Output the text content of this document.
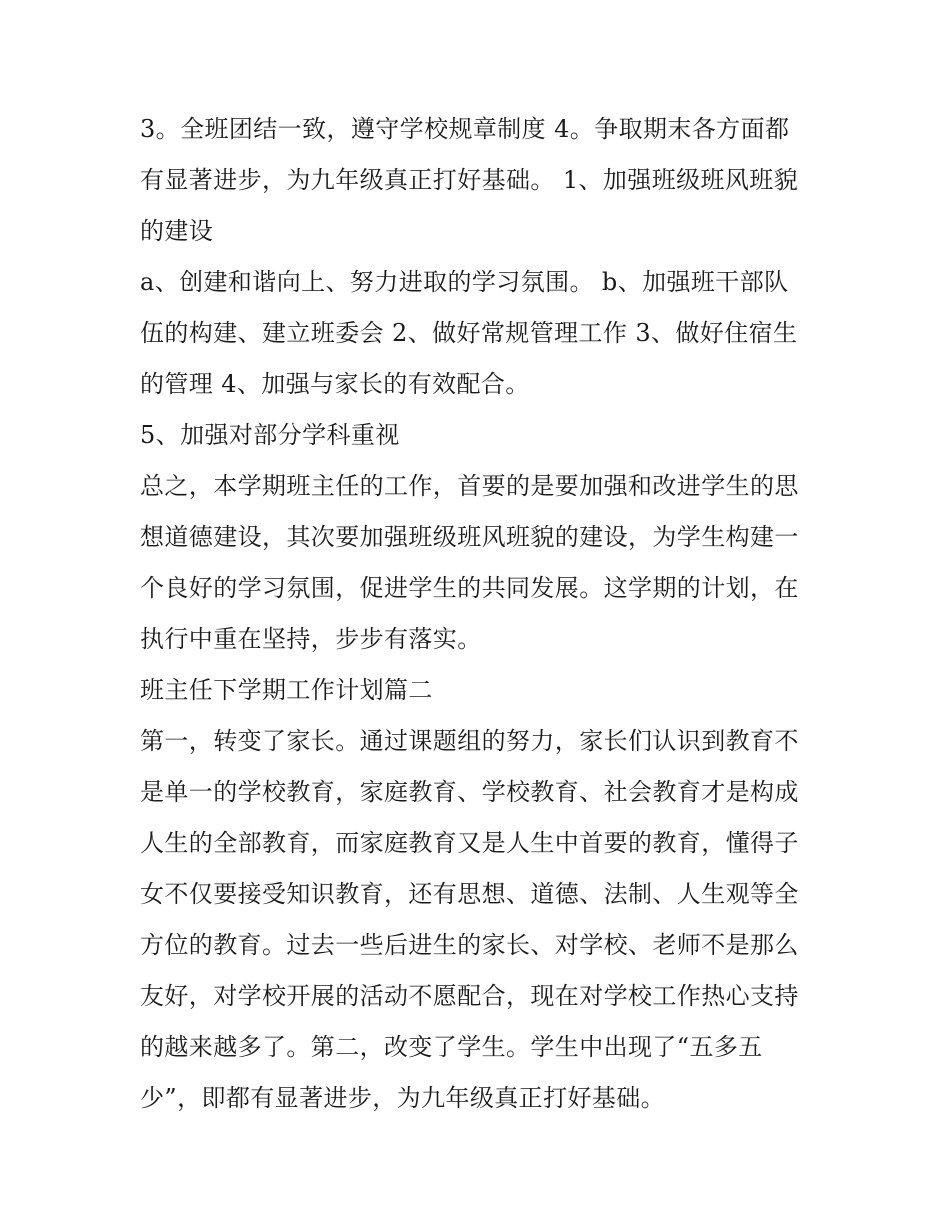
3。全班团结一致，遵守学校规章制度 4。争取期末各方面都
有显著进步，为九年级真正打好基础。 1、加强班级班风班貌
的建设
a、创建和谐向上、努力进取的学习氛围。 b、加强班干部队
伍的构建、建立班委会 2、做好常规管理工作 3、做好住宿生
的管理 4、加强与家长的有效配合。
5、加强对部分学科重视
总之，本学期班主任的工作，首要的是要加强和改进学生的思
想道德建设，其次要加强班级班风班貌的建设，为学生构建一
个良好的学习氛围，促进学生的共同发展。这学期的计划，在
执行中重在坚持，步步有落实。
班主任下学期工作计划篇二
第一，转变了家长。通过课题组的努力，家长们认识到教育不
是单一的学校教育，家庭教育、学校教育、社会教育才是构成
人生的全部教育，而家庭教育又是人生中首要的教育，懂得子
女不仅要接受知识教育，还有思想、道德、法制、人生观等全
方位的教育。过去一些后进生的家长、对学校、老师不是那么
友好，对学校开展的活动不愿配合，现在对学校工作热心支持
的越来越多了。第二，改变了学生。学生中出现了“五多五
少”，即都有显著进步，为九年级真正打好基础。
